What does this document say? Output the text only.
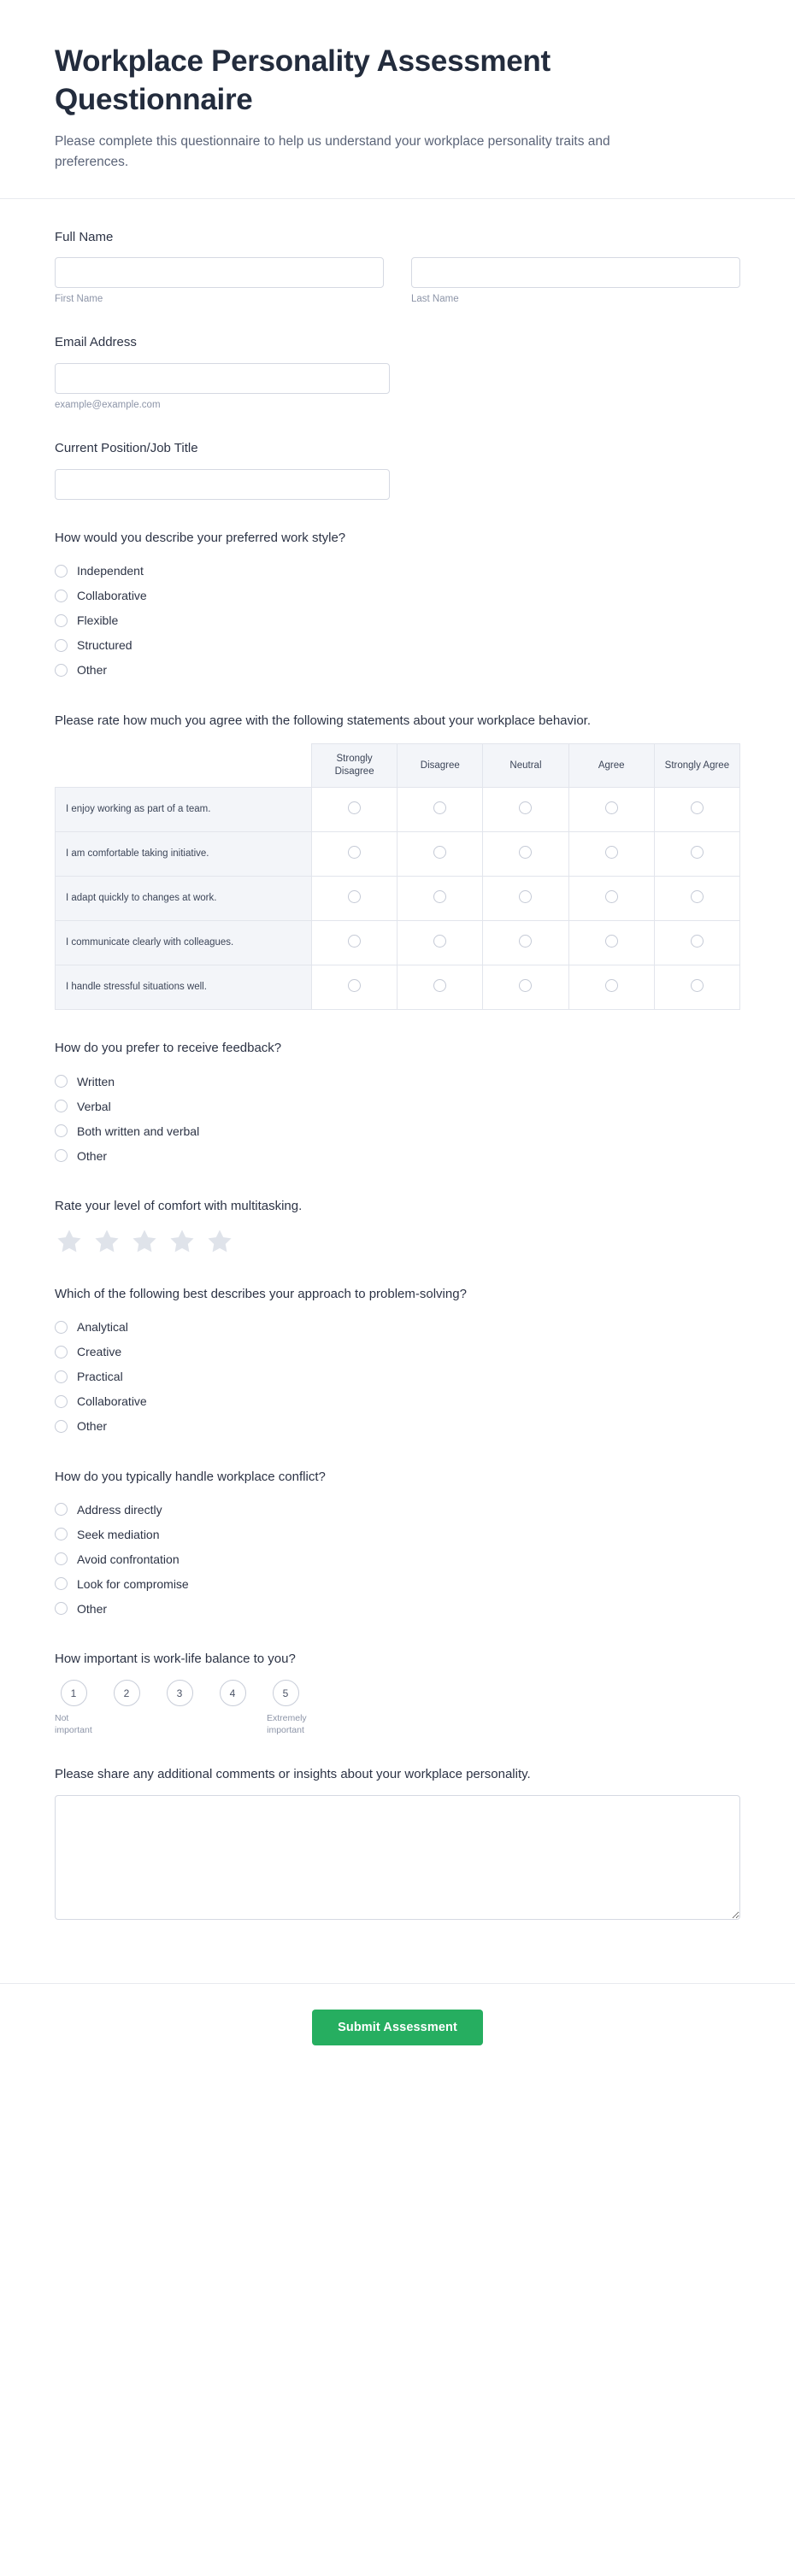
Workplace Personality Assessment Questionnaire

Please complete this questionnaire to help us understand your workplace personality traits and preferences.

Full Name
First Name	Last Name
Email Address
example@example.com
Current Position/Job Title
How would you describe your preferred work style?
Independent
Collaborative
Flexible
Structured
Other
Please rate how much you agree with the following statements about your workplace behavior.
	Strongly Disagree	Disagree	Neutral	Agree	Strongly Agree
I enjoy working as part of a team.					
I am comfortable taking initiative.					
I adapt quickly to changes at work.					
I communicate clearly with colleagues.					
I handle stressful situations well.					
How do you prefer to receive feedback?
Written
Verbal
Both written and verbal
Other
Rate your level of comfort with multitasking.
Which of the following best describes your approach to problem-solving?
Analytical
Creative
Practical
Collaborative
Other
How do you typically handle workplace conflict?
Address directly
Seek mediation
Avoid confrontation
Look for compromise
Other
How important is work-life balance to you?
1
Not important
2	3	4	5
Extremely important
Please share any additional comments or insights about your workplace personality.
Submit Assessment
